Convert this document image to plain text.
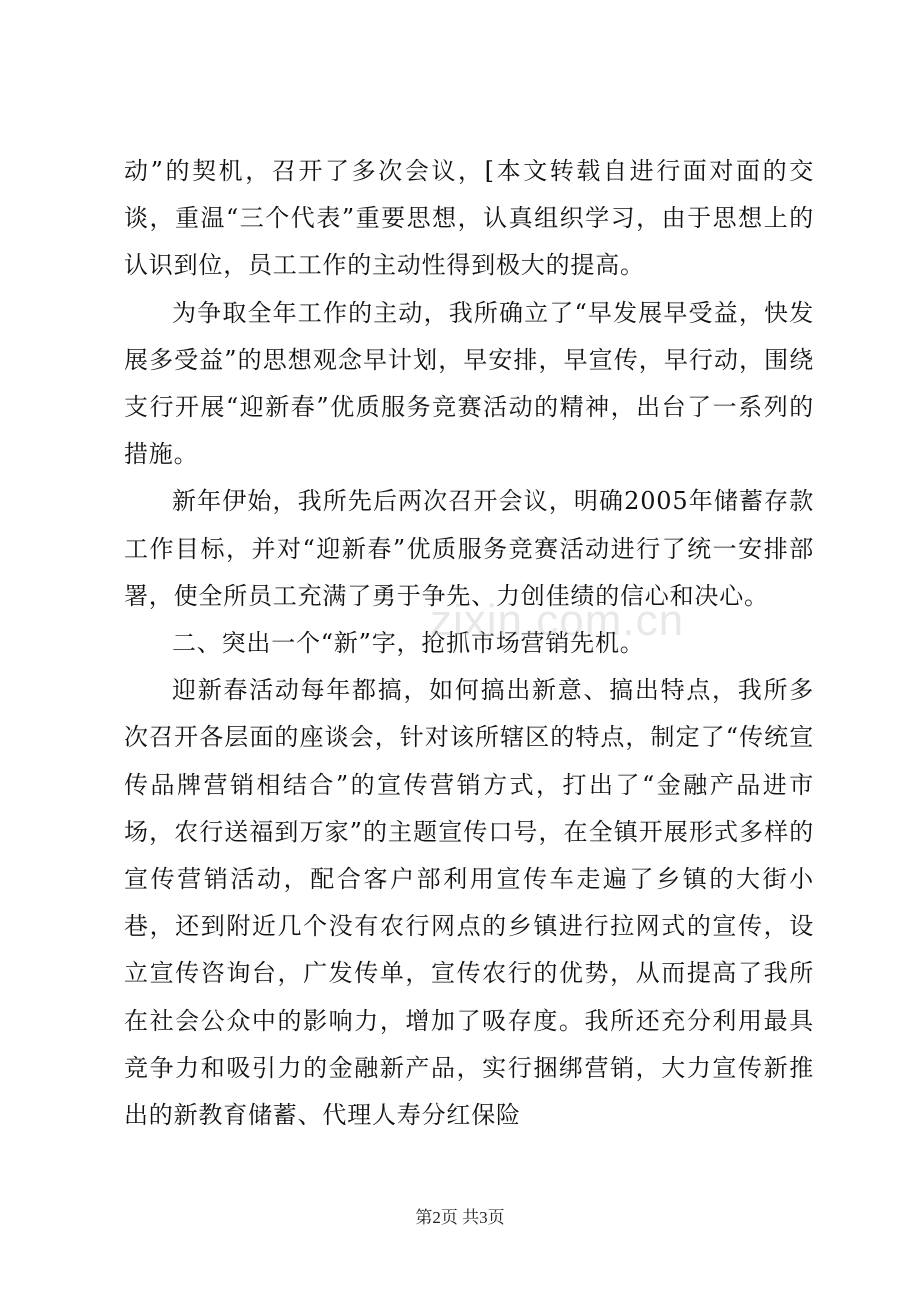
动”的契机，召开了多次会议，[本文转载自进行面对面的交谈，重温“三个代表”重要思想，认真组织学习，由于思想上的认识到位，员工工作的主动性得到极大的提高。

为争取全年工作的主动，我所确立了“早发展早受益，快发展多受益”的思想观念早计划，早安排，早宣传，早行动，围绕支行开展“迎新春”优质服务竞赛活动的精神，出台了一系列的措施。

新年伊始，我所先后两次召开会议，明确2005年储蓄存款工作目标，并对“迎新春”优质服务竞赛活动进行了统一安排部署，使全所员工充满了勇于争先、力创佳绩的信心和决心。

二、突出一个“新”字，抢抓市场营销先机。

迎新春活动每年都搞，如何搞出新意、搞出特点，我所多次召开各层面的座谈会，针对该所辖区的特点，制定了“传统宣传品牌营销相结合”的宣传营销方式，打出了“金融产品进市场，农行送福到万家”的主题宣传口号，在全镇开展形式多样的宣传营销活动，配合客户部利用宣传车走遍了乡镇的大街小巷，还到附近几个没有农行网点的乡镇进行拉网式的宣传，设立宣传咨询台，广发传单，宣传农行的优势，从而提高了我所在社会公众中的影响力，增加了吸存度。我所还充分利用最具竞争力和吸引力的金融新产品，实行捆绑营销，大力宣传新推出的新教育储蓄、代理人寿分红保险

zixin.com.cn
第2页 共3页
